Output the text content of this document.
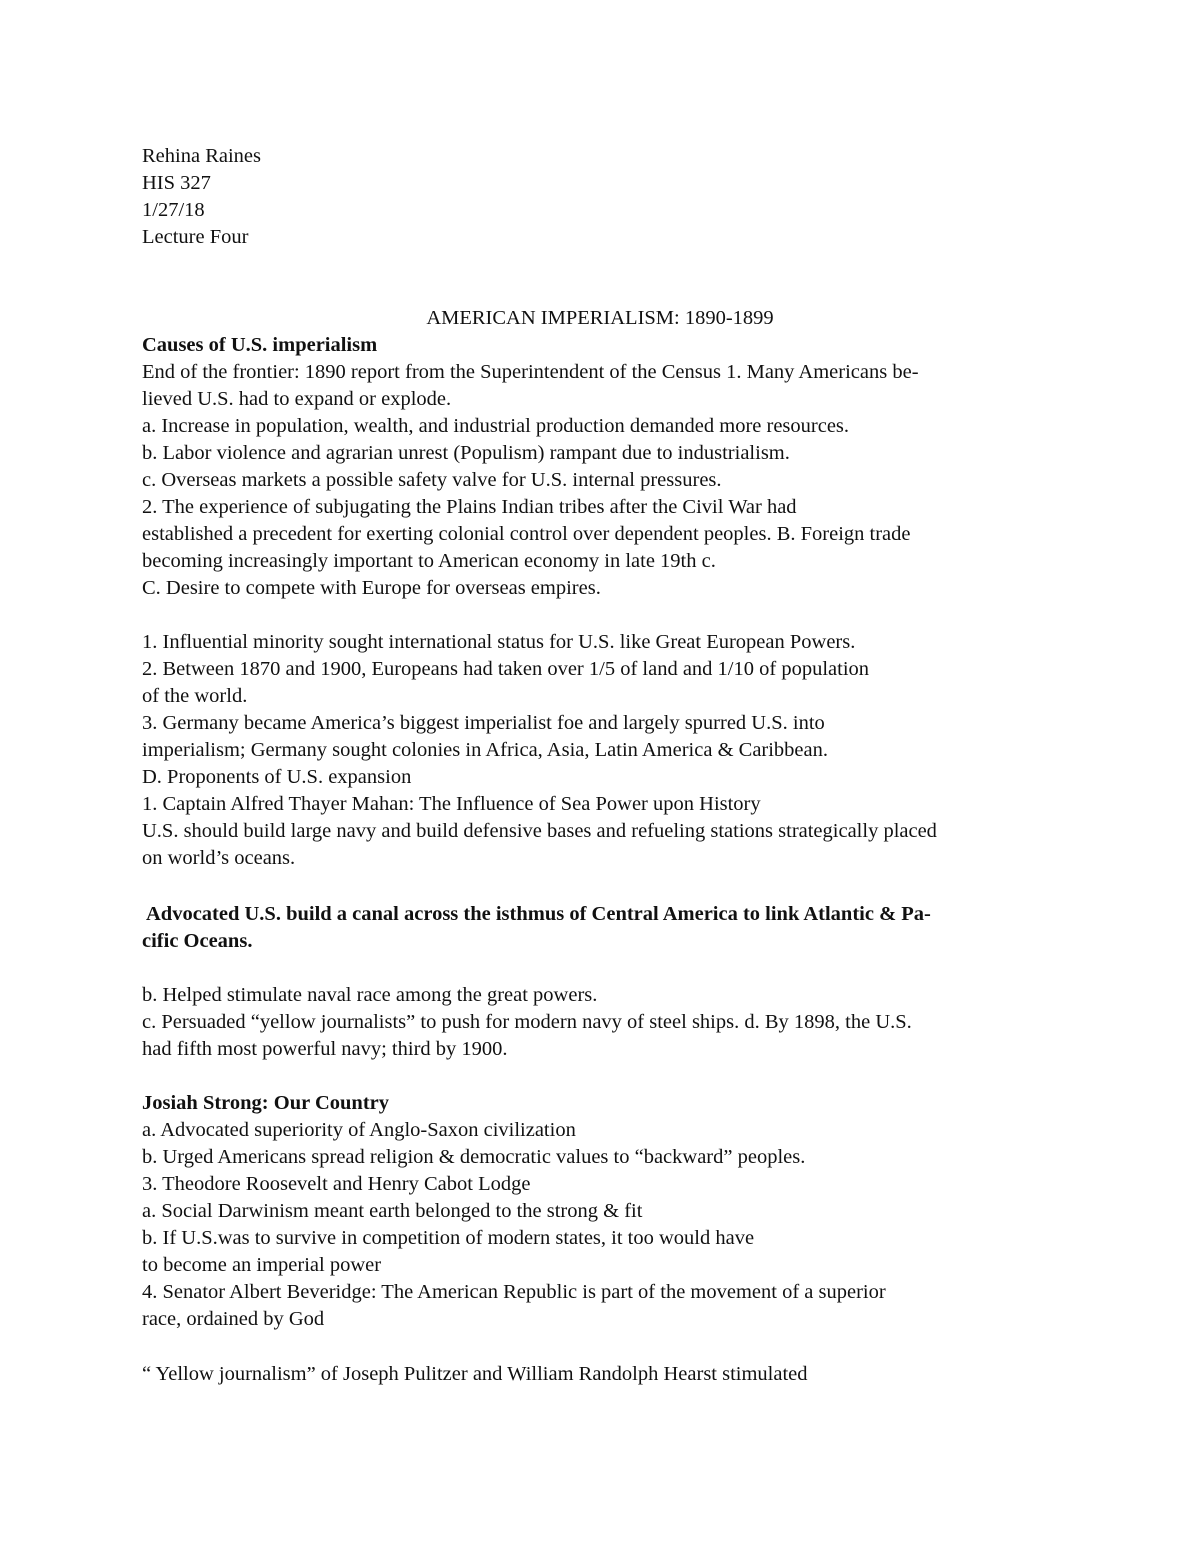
Rehina Raines

HIS 327

1/27/18

Lecture Four

AMERICAN IMPERIALISM: 1890-1899

Causes of U.S. imperialism

End of the frontier: 1890 report from the Superintendent of the Census 1. Many Americans be-

lieved U.S. had to expand or explode.

a. Increase in population, wealth, and industrial production demanded more resources.

b. Labor violence and agrarian unrest (Populism) rampant due to industrialism.

c. Overseas markets a possible safety valve for U.S. internal pressures.

2. The experience of subjugating the Plains Indian tribes after the Civil War had

established a precedent for exerting colonial control over dependent peoples. B. Foreign trade

becoming increasingly important to American economy in late 19th c.

C. Desire to compete with Europe for overseas empires.

1. Influential minority sought international status for U.S. like Great European Powers.

2. Between 1870 and 1900, Europeans had taken over 1/5 of land and 1/10 of population

of the world.

3. Germany became America’s biggest imperialist foe and largely spurred U.S. into

imperialism; Germany sought colonies in Africa, Asia, Latin America & Caribbean.

D. Proponents of U.S. expansion

1. Captain Alfred Thayer Mahan: The Influence of Sea Power upon History

U.S. should build large navy and build defensive bases and refueling stations strategically placed

on world’s oceans.

Advocated U.S. build a canal across the isthmus of Central America to link Atlantic & Pa-

cific Oceans.

b. Helped stimulate naval race among the great powers.

c. Persuaded “yellow journalists” to push for modern navy of steel ships. d. By 1898, the U.S.

had fifth most powerful navy; third by 1900.

Josiah Strong: Our Country

a. Advocated superiority of Anglo-Saxon civilization

b. Urged Americans spread religion & democratic values to “backward” peoples.

3. Theodore Roosevelt and Henry Cabot Lodge

a. Social Darwinism meant earth belonged to the strong & fit

b. If U.S.was to survive in competition of modern states, it too would have

to become an imperial power

4. Senator Albert Beveridge: The American Republic is part of the movement of a superior

race, ordained by God

“ Yellow journalism” of Joseph Pulitzer and William Randolph Hearst stimulated
